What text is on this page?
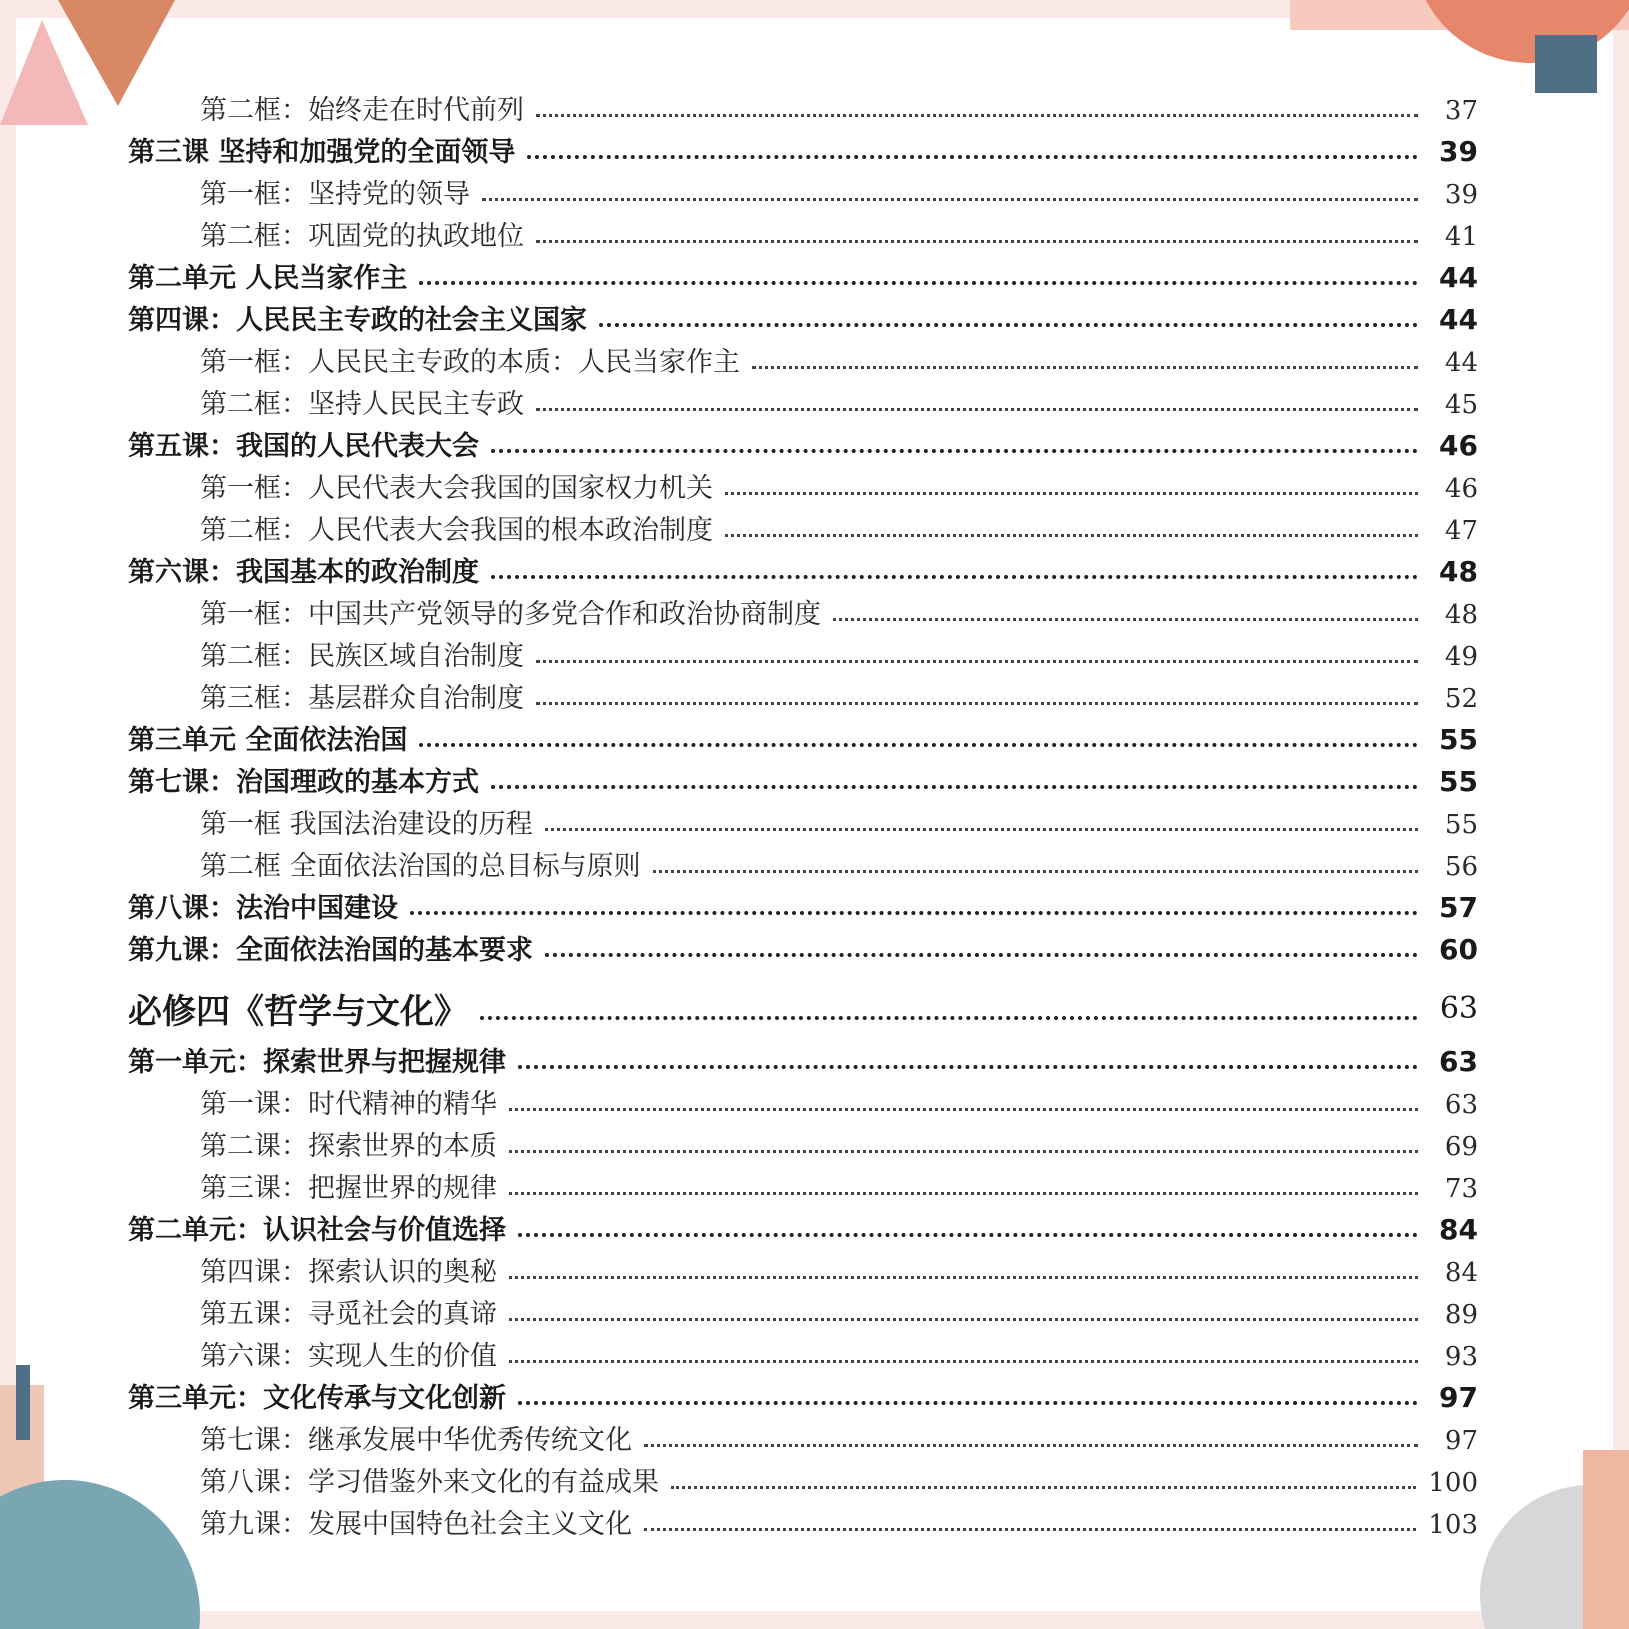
第二框：始终走在时代前列	37
第三课 坚持和加强党的全面领导	39
第一框：坚持党的领导	39
第二框：巩固党的执政地位	41
第二单元 人民当家作主	44
第四课：人民民主专政的社会主义国家	44
第一框：人民民主专政的本质：人民当家作主	44
第二框：坚持人民民主专政	45
第五课：我国的人民代表大会	46
第一框：人民代表大会我国的国家权力机关	46
第二框：人民代表大会我国的根本政治制度	47
第六课：我国基本的政治制度	48
第一框：中国共产党领导的多党合作和政治协商制度	48
第二框：民族区域自治制度	49
第三框：基层群众自治制度	52
第三单元 全面依法治国	55
第七课：治国理政的基本方式	55
第一框 我国法治建设的历程	55
第二框 全面依法治国的总目标与原则	56
第八课：法治中国建设	57
第九课：全面依法治国的基本要求	60
必修四《哲学与文化》	63
第一单元：探索世界与把握规律	63
第一课：时代精神的精华	63
第二课：探索世界的本质	69
第三课：把握世界的规律	73
第二单元：认识社会与价值选择	84
第四课：探索认识的奥秘	84
第五课：寻觅社会的真谛	89
第六课：实现人生的价值	93
第三单元：文化传承与文化创新	97
第七课：继承发展中华优秀传统文化	97
第八课：学习借鉴外来文化的有益成果	100
第九课：发展中国特色社会主义文化	103
